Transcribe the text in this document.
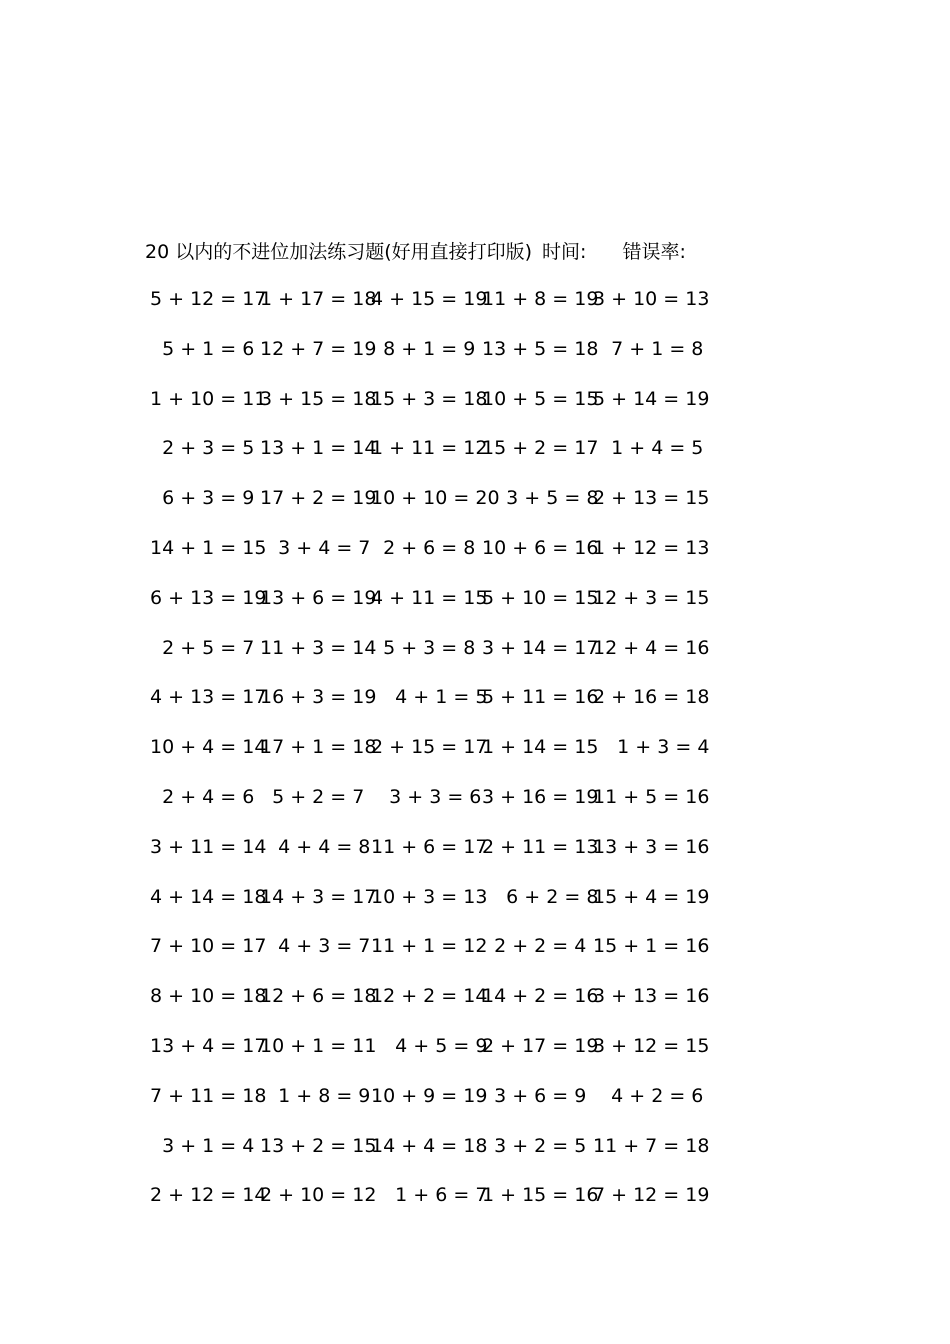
20 以内的不进位加法练习题(好用直接打印版) 时间: 错误率:
5 + 12 = 17
1 + 17 = 18
4 + 15 = 19
11 + 8 = 19
3 + 10 = 13
5 + 1 = 6 12 + 7 = 19
8 + 1 = 9 13 + 5 = 18
7 + 1 = 8
1 + 10 = 11
3 + 15 = 18
15 + 3 = 18
10 + 5 = 15
5 + 14 = 19
2 + 3 = 5 13 + 1 = 14
1 + 11 = 12
15 + 2 = 17
1 + 4 = 5
6 + 3 = 9 17 + 2 = 19
10 + 10 = 20
3 + 5 = 8
2 + 13 = 15
14 + 1 = 15
3 + 4 = 7 2 + 6 = 8 10 + 6 = 16
1 + 12 = 13
6 + 13 = 19
13 + 6 = 19
4 + 11 = 15
5 + 10 = 15
12 + 3 = 15
2 + 5 = 7 11 + 3 = 14
5 + 3 = 8 3 + 14 = 17
12 + 4 = 16
4 + 13 = 17
16 + 3 = 19
4 + 1 = 5
5 + 11 = 16
2 + 16 = 18
10 + 4 = 14
17 + 1 = 18
2 + 15 = 17
1 + 14 = 15
1 + 3 = 4
2 + 4 = 6 5 + 2 = 7 3 + 3 = 6 3 + 16 = 19
11 + 5 = 16
3 + 11 = 14
4 + 4 = 8 11 + 6 = 17
2 + 11 = 13
13 + 3 = 16
4 + 14 = 18
14 + 3 = 17
10 + 3 = 13
6 + 2 = 8
15 + 4 = 19
7 + 10 = 17
4 + 3 = 7 11 + 1 = 12
2 + 2 = 4 15 + 1 = 16
8 + 10 = 18
12 + 6 = 18
12 + 2 = 14
14 + 2 = 16
3 + 13 = 16
13 + 4 = 17
10 + 1 = 11
4 + 5 = 9
2 + 17 = 19
3 + 12 = 15
7 + 11 = 18
1 + 8 = 9 10 + 9 = 19
3 + 6 = 9 4 + 2 = 6
3 + 1 = 4 13 + 2 = 15
14 + 4 = 18
3 + 2 = 5 11 + 7 = 18
2 + 12 = 14
2 + 10 = 12
1 + 6 = 7
1 + 15 = 16
7 + 12 = 19
